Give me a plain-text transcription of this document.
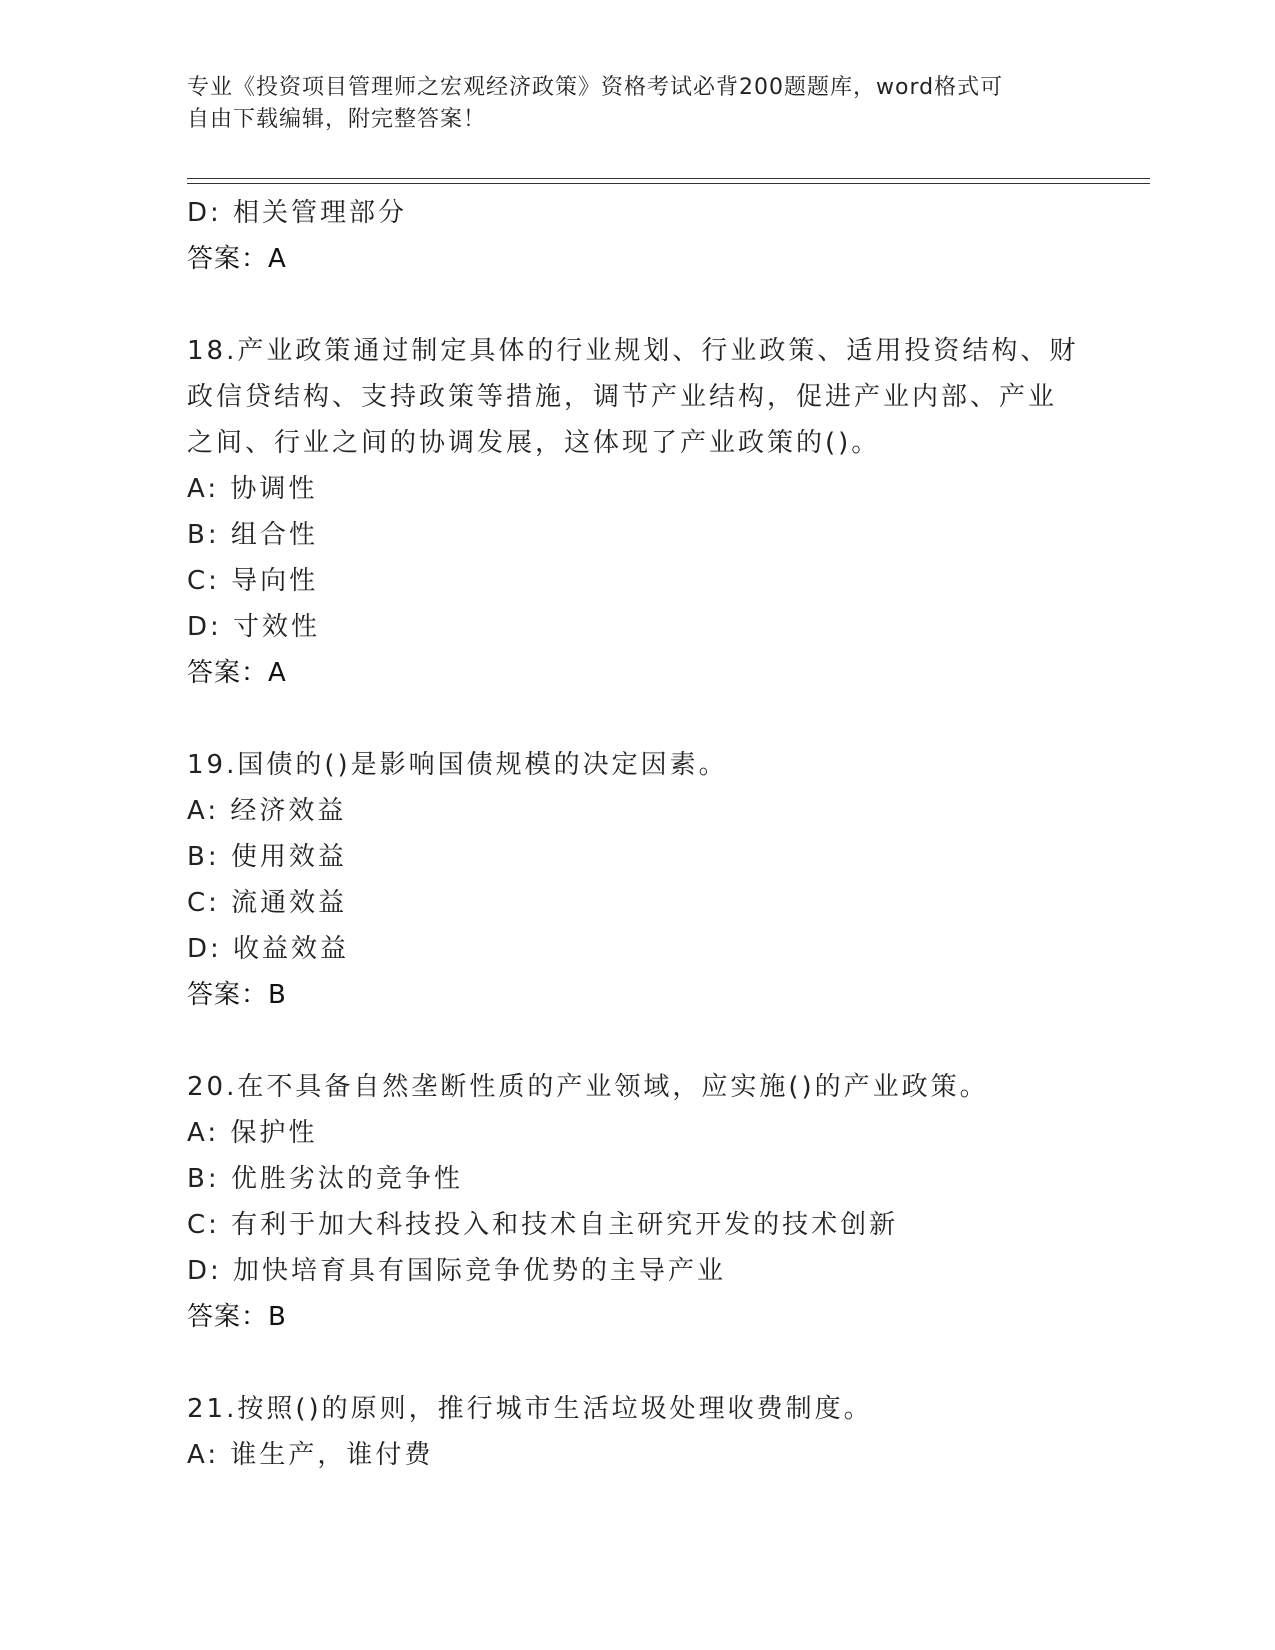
专业《投资项目管理师之宏观经济政策》资格考试必背200题题库，word格式可
自由下载编辑，附完整答案！
D: 相关管理部分
答案：A
18.产业政策通过制定具体的行业规划、行业政策、适用投资结构、财
政信贷结构、支持政策等措施，调节产业结构，促进产业内部、产业
之间、行业之间的协调发展，这体现了产业政策的()。
A: 协调性
B: 组合性
C: 导向性
D: 寸效性
答案：A
19.国债的()是影响国债规模的决定因素。
A: 经济效益
B: 使用效益
C: 流通效益
D: 收益效益
答案：B
20.在不具备自然垄断性质的产业领域，应实施()的产业政策。
A: 保护性
B: 优胜劣汰的竞争性
C: 有利于加大科技投入和技术自主研究开发的技术创新
D: 加快培育具有国际竞争优势的主导产业
答案：B
21.按照()的原则，推行城市生活垃圾处理收费制度。
A: 谁生产，谁付费
